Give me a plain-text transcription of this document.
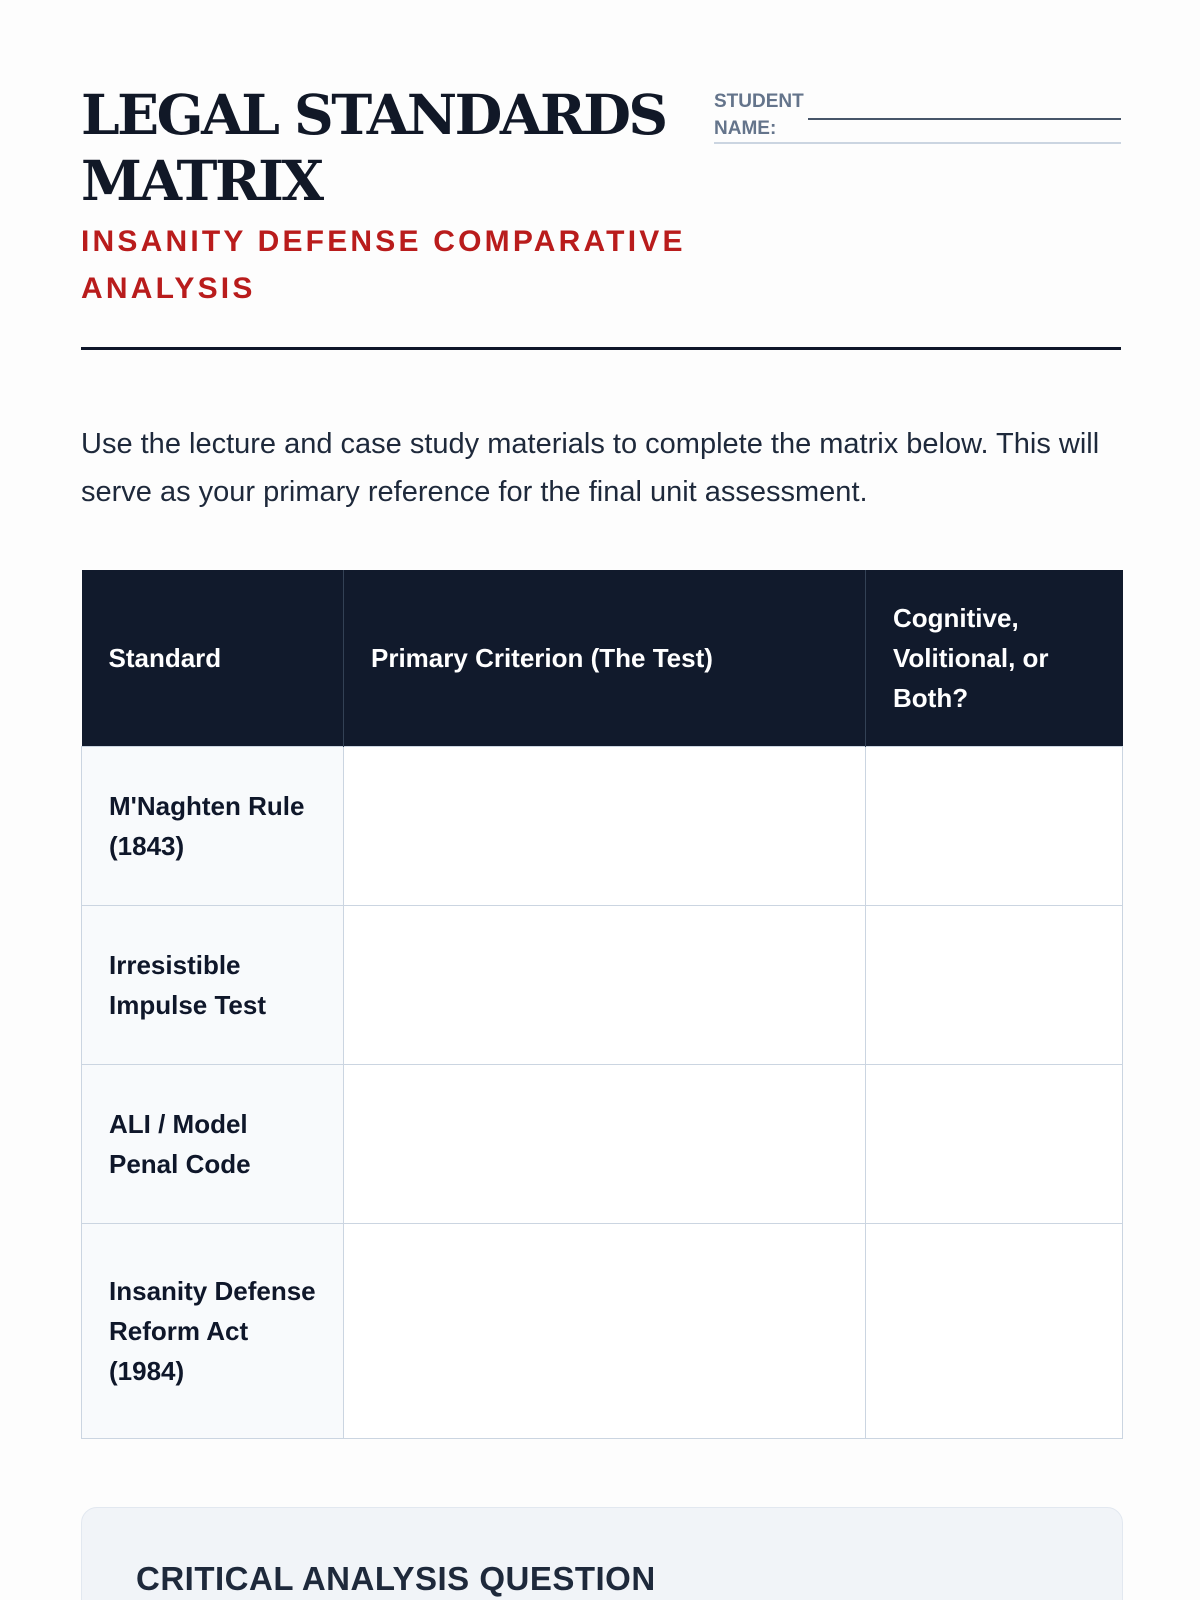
LEGAL STANDARDS MATRIX
INSANITY DEFENSE COMPARATIVE ANALYSIS
STUDENT NAME:

Use the lecture and case study materials to complete the matrix below. This will serve as your primary reference for the final unit assessment.

Standard	Primary Criterion (The Test)	Cognitive, Volitional, or Both?
M'Naghten Rule (1843)		
Irresistible Impulse Test		
ALI / Model Penal Code		
Insanity Defense Reform Act (1984)		
CRITICAL ANALYSIS QUESTION
